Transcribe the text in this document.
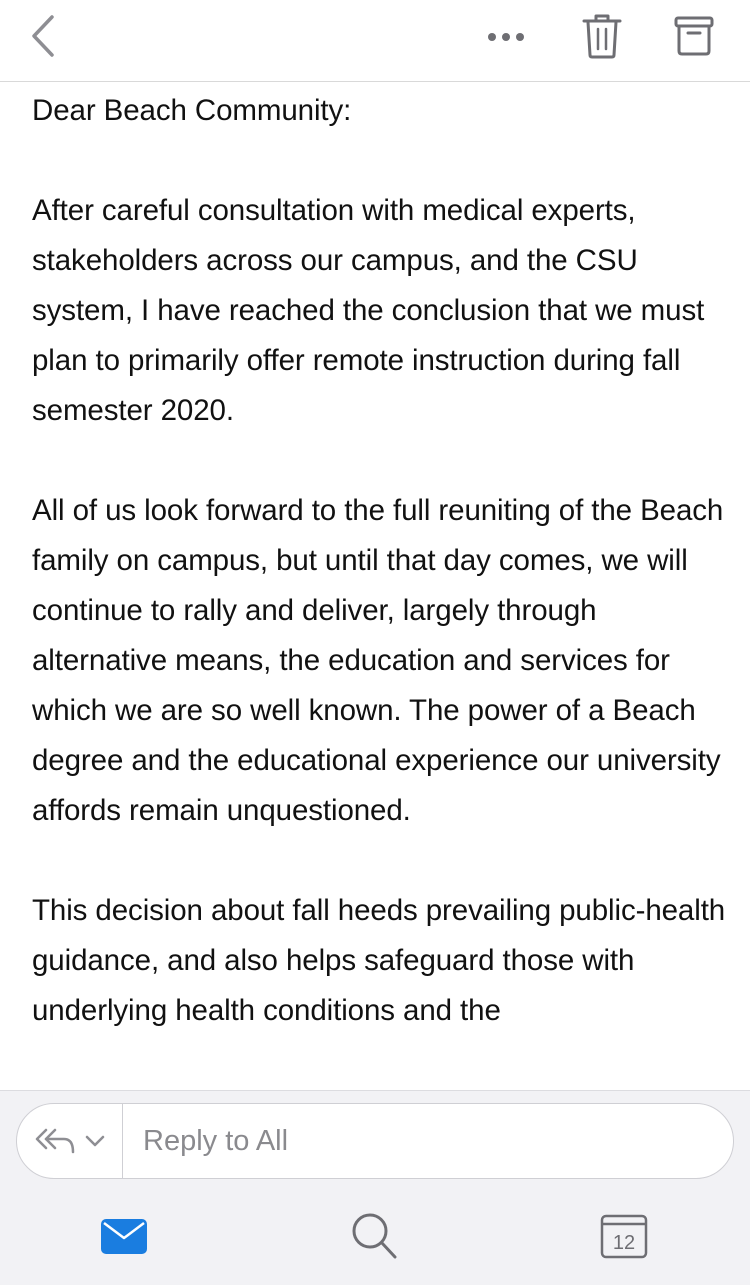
Dear Beach Community:

After careful consultation with medical experts, stakeholders across our campus, and the CSU system, I have reached the conclusion that we must plan to primarily offer remote instruction during fall semester 2020.

All of us look forward to the full reuniting of the Beach family on campus, but until that day comes, we will continue to rally and deliver, largely through alternative means, the education and services for which we are so well known. The power of a Beach degree and the educational experience our university affords remain unquestioned.

This decision about fall heeds prevailing public-health guidance, and also helps safeguard those with underlying health conditions and the

Reply to All
12
